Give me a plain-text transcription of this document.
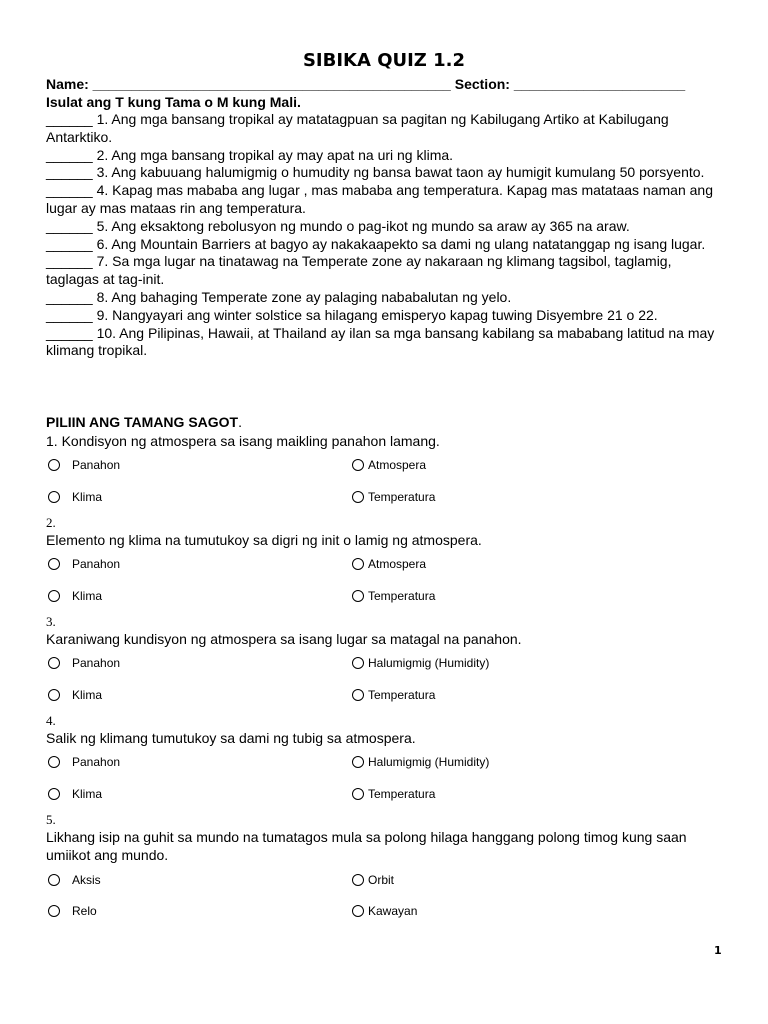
SIBIKA QUIZ 1.2
Name: ______________________________________________ Section: ______________________
Isulat ang T kung Tama o M kung Mali.

______ 1. Ang mga bansang tropikal ay matatagpuan sa pagitan ng Kabilugang Artiko at Kabilugang Antarktiko.

______ 2. Ang mga bansang tropikal ay may apat na uri ng klima.

______ 3. Ang kabuuang halumigmig o humudity ng bansa bawat taon ay humigit kumulang 50 porsyento.

______ 4. Kapag mas mababa ang lugar , mas mababa ang temperatura. Kapag mas matataas naman ang lugar ay mas mataas rin ang temperatura.

______ 5. Ang eksaktong rebolusyon ng mundo o pag-ikot ng mundo sa araw ay 365 na araw.

______ 6. Ang Mountain Barriers at bagyo ay nakakaapekto sa dami ng ulang natatanggap ng isang lugar.

______ 7. Sa mga lugar na tinatawag na Temperate zone ay nakaraan ng klimang tagsibol, taglamig, taglagas at tag-init.

______ 8. Ang bahaging Temperate zone ay palaging nababalutan ng yelo.

______ 9. Nangyayari ang winter solstice sa hilagang emisperyo kapag tuwing Disyembre 21 o 22.

______ 10. Ang Pilipinas, Hawaii, at Thailand ay ilan sa mga bansang kabilang sa mababang latitud na may klimang tropikal.

PILIIN ANG TAMANG SAGOT.
1. Kondisyon ng atmospera sa isang maikling panahon lamang.
Panahon	Atmospera
Klima	Temperatura
2.
Elemento ng klima na tumutukoy sa digri ng init o lamig ng atmospera.
Panahon	Atmospera
Klima	Temperatura
3.
Karaniwang kundisyon ng atmospera sa isang lugar sa matagal na panahon.
Panahon	Halumigmig (Humidity)
Klima	Temperatura
4.
Salik ng klimang tumutukoy sa dami ng tubig sa atmospera.
Panahon	Halumigmig (Humidity)
Klima	Temperatura
5.
Likhang isip na guhit sa mundo na tumatagos mula sa polong hilaga hanggang polong timog kung saan umiikot ang mundo.
Aksis	Orbit
Relo	Kawayan
1
